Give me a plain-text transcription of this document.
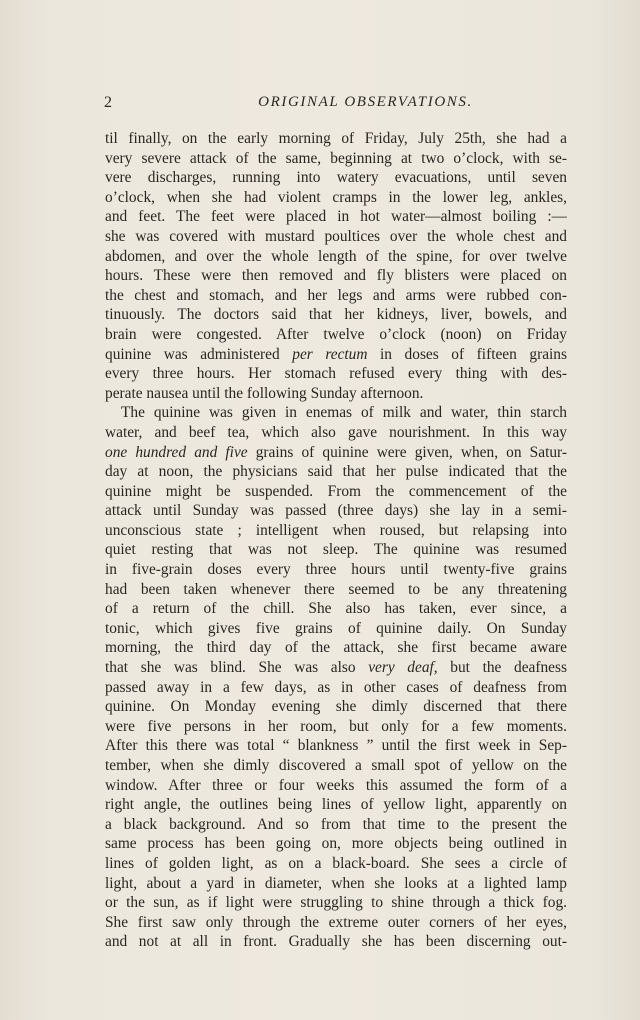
2	ORIGINAL OBSERVATIONS.
til finally, on the early morning of Friday, July 25th, she had a
very severe attack of the same, beginning at two o’clock, with se-
vere discharges, running into watery evacuations, until seven
o’clock, when she had violent cramps in the lower leg, ankles,
and feet. The feet were placed in hot water—almost boiling :—
she was covered with mustard poultices over the whole chest and
abdomen, and over the whole length of the spine, for over twelve
hours. These were then removed and fly blisters were placed on
the chest and stomach, and her legs and arms were rubbed con-
tinuously. The doctors said that her kidneys, liver, bowels, and
brain were congested. After twelve o’clock (noon) on Friday
quinine was administered per rectum in doses of fifteen grains
every three hours. Her stomach refused every thing with des-
perate nausea until the following Sunday afternoon.
The quinine was given in enemas of milk and water, thin starch
water, and beef tea, which also gave nourishment. In this way
one hundred and five grains of quinine were given, when, on Satur-
day at noon, the physicians said that her pulse indicated that the
quinine might be suspended. From the commencement of the
attack until Sunday was passed (three days) she lay in a semi-
unconscious state ; intelligent when roused, but relapsing into
quiet resting that was not sleep. The quinine was resumed
in five-grain doses every three hours until twenty-five grains
had been taken whenever there seemed to be any threatening
of a return of the chill. She also has taken, ever since, a
tonic, which gives five grains of quinine daily. On Sunday
morning, the third day of the attack, she first became aware
that she was blind. She was also very deaf, but the deafness
passed away in a few days, as in other cases of deafness from
quinine. On Monday evening she dimly discerned that there
were five persons in her room, but only for a few moments.
After this there was total “ blankness ” until the first week in Sep-
tember, when she dimly discovered a small spot of yellow on the
window. After three or four weeks this assumed the form of a
right angle, the outlines being lines of yellow light, apparently on
a black background. And so from that time to the present the
same process has been going on, more objects being outlined in
lines of golden light, as on a black-board. She sees a circle of
light, about a yard in diameter, when she looks at a lighted lamp
or the sun, as if light were struggling to shine through a thick fog.
She first saw only through the extreme outer corners of her eyes,
and not at all in front. Gradually she has been discerning out-
